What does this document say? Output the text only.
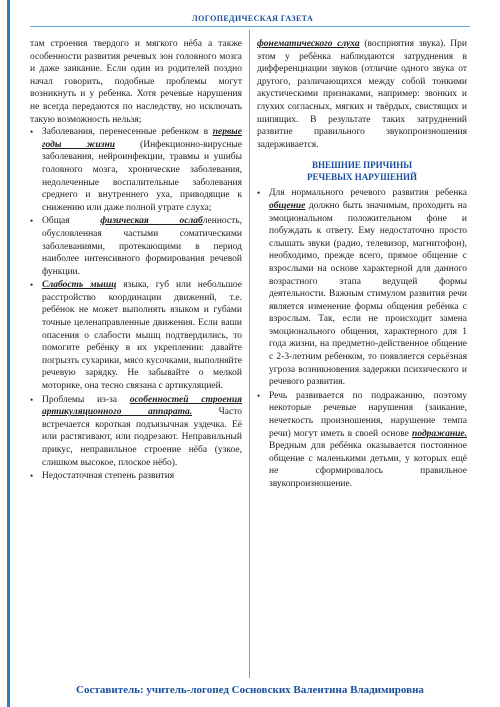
ЛОГОПЕДИЧЕСКАЯ ГАЗЕТА

там строения твердого и мягкого нёба а также особенности развития речевых зон головного мозга и даже заикание. Если один из родителей поздно начал говорить, подобные проблемы могут возникнуть и у ребенка. Хотя речевые нарушения не всегда передаются по наследству, но исключать такую возможность нельзя;

• Заболевания, перенесенные ребенком в первые годы жизни (Инфекционно-вирусные заболевания, нейроинфекции, травмы и ушибы головного мозга, хронические заболевания, недолеченные воспалительные заболевания среднего и внутреннего уха, приводящие к снижению или даже полной утрате слуха;
• Общая физическая ослабленность, обусловленная частыми соматическими заболеваниями, протекающими в период наиболее интенсивного формирования речевой функции.
• Слабость мышц языка, губ или небольшое расстройство координации движений, т.е. ребёнок не может выполнять языком и губами точные целенаправленные движения. Если ваши опасения о слабости мышц подтвердились, то помогите ребёнку в их укреплении: давайте погрызть сухарики, мясо кусочками, выполняйте речевую зарядку. Не забывайте о мелкой моторике, она тесно связана с артикуляцией.
• Проблемы из-за особенностей строения артикуляционного аппарата. Часто встречается короткая подъязычная уздечка. Её или растягивают, или подрезают. Неправильный прикус, неправильное строение нёба (узкое, слишком высокое, плоское нёбо).
• Недостаточная степень развития

фонематического слуха (восприятия звука). При этом у ребёнка наблюдаются затруднения в дифференциации звуков (отличие одного звука от другого, различающихся между собой тонкими акустическими признаками, например: звонких и глухих согласных, мягких и твёрдых, свистящих и шипящих. В результате таких затруднений развитие правильного звукопроизношения задерживается.

ВНЕШНИЕ ПРИЧИНЫ
РЕЧЕВЫХ НАРУШЕНИЙ
• Для нормального речевого развития ребенка общение должно быть значимым, проходить на эмоциональном положительном фоне и побуждать к ответу. Ему недостаточно просто слышать звуки (радио, телевизор, магнитофон), необходимо, прежде всего, прямое общение с взрослыми на основе характерной для данного возрастного этапа ведущей формы деятельности. Важным стимулом развития речи является изменение формы общения ребёнка с взрослым. Так, если не происходит замена эмоционального общения, характерного для 1 года жизни, на предметно-действенное общение с 2-3-летним ребенком, то появляется серьёзная угроза возникновения задержки психического и речевого развития.
• Речь развивается по подражанию, поэтому некоторые речевые нарушения (заикание, нечеткость произношения, нарушение темпа речи) могут иметь в своей основе подражание. Вредным для ребёнка оказывается постоянное общение с маленькими детьми, у которых ещё не сформировалось правильное звукопроизношение.
Составитель: учитель-логопед Сосновских Валентина Владимировна
